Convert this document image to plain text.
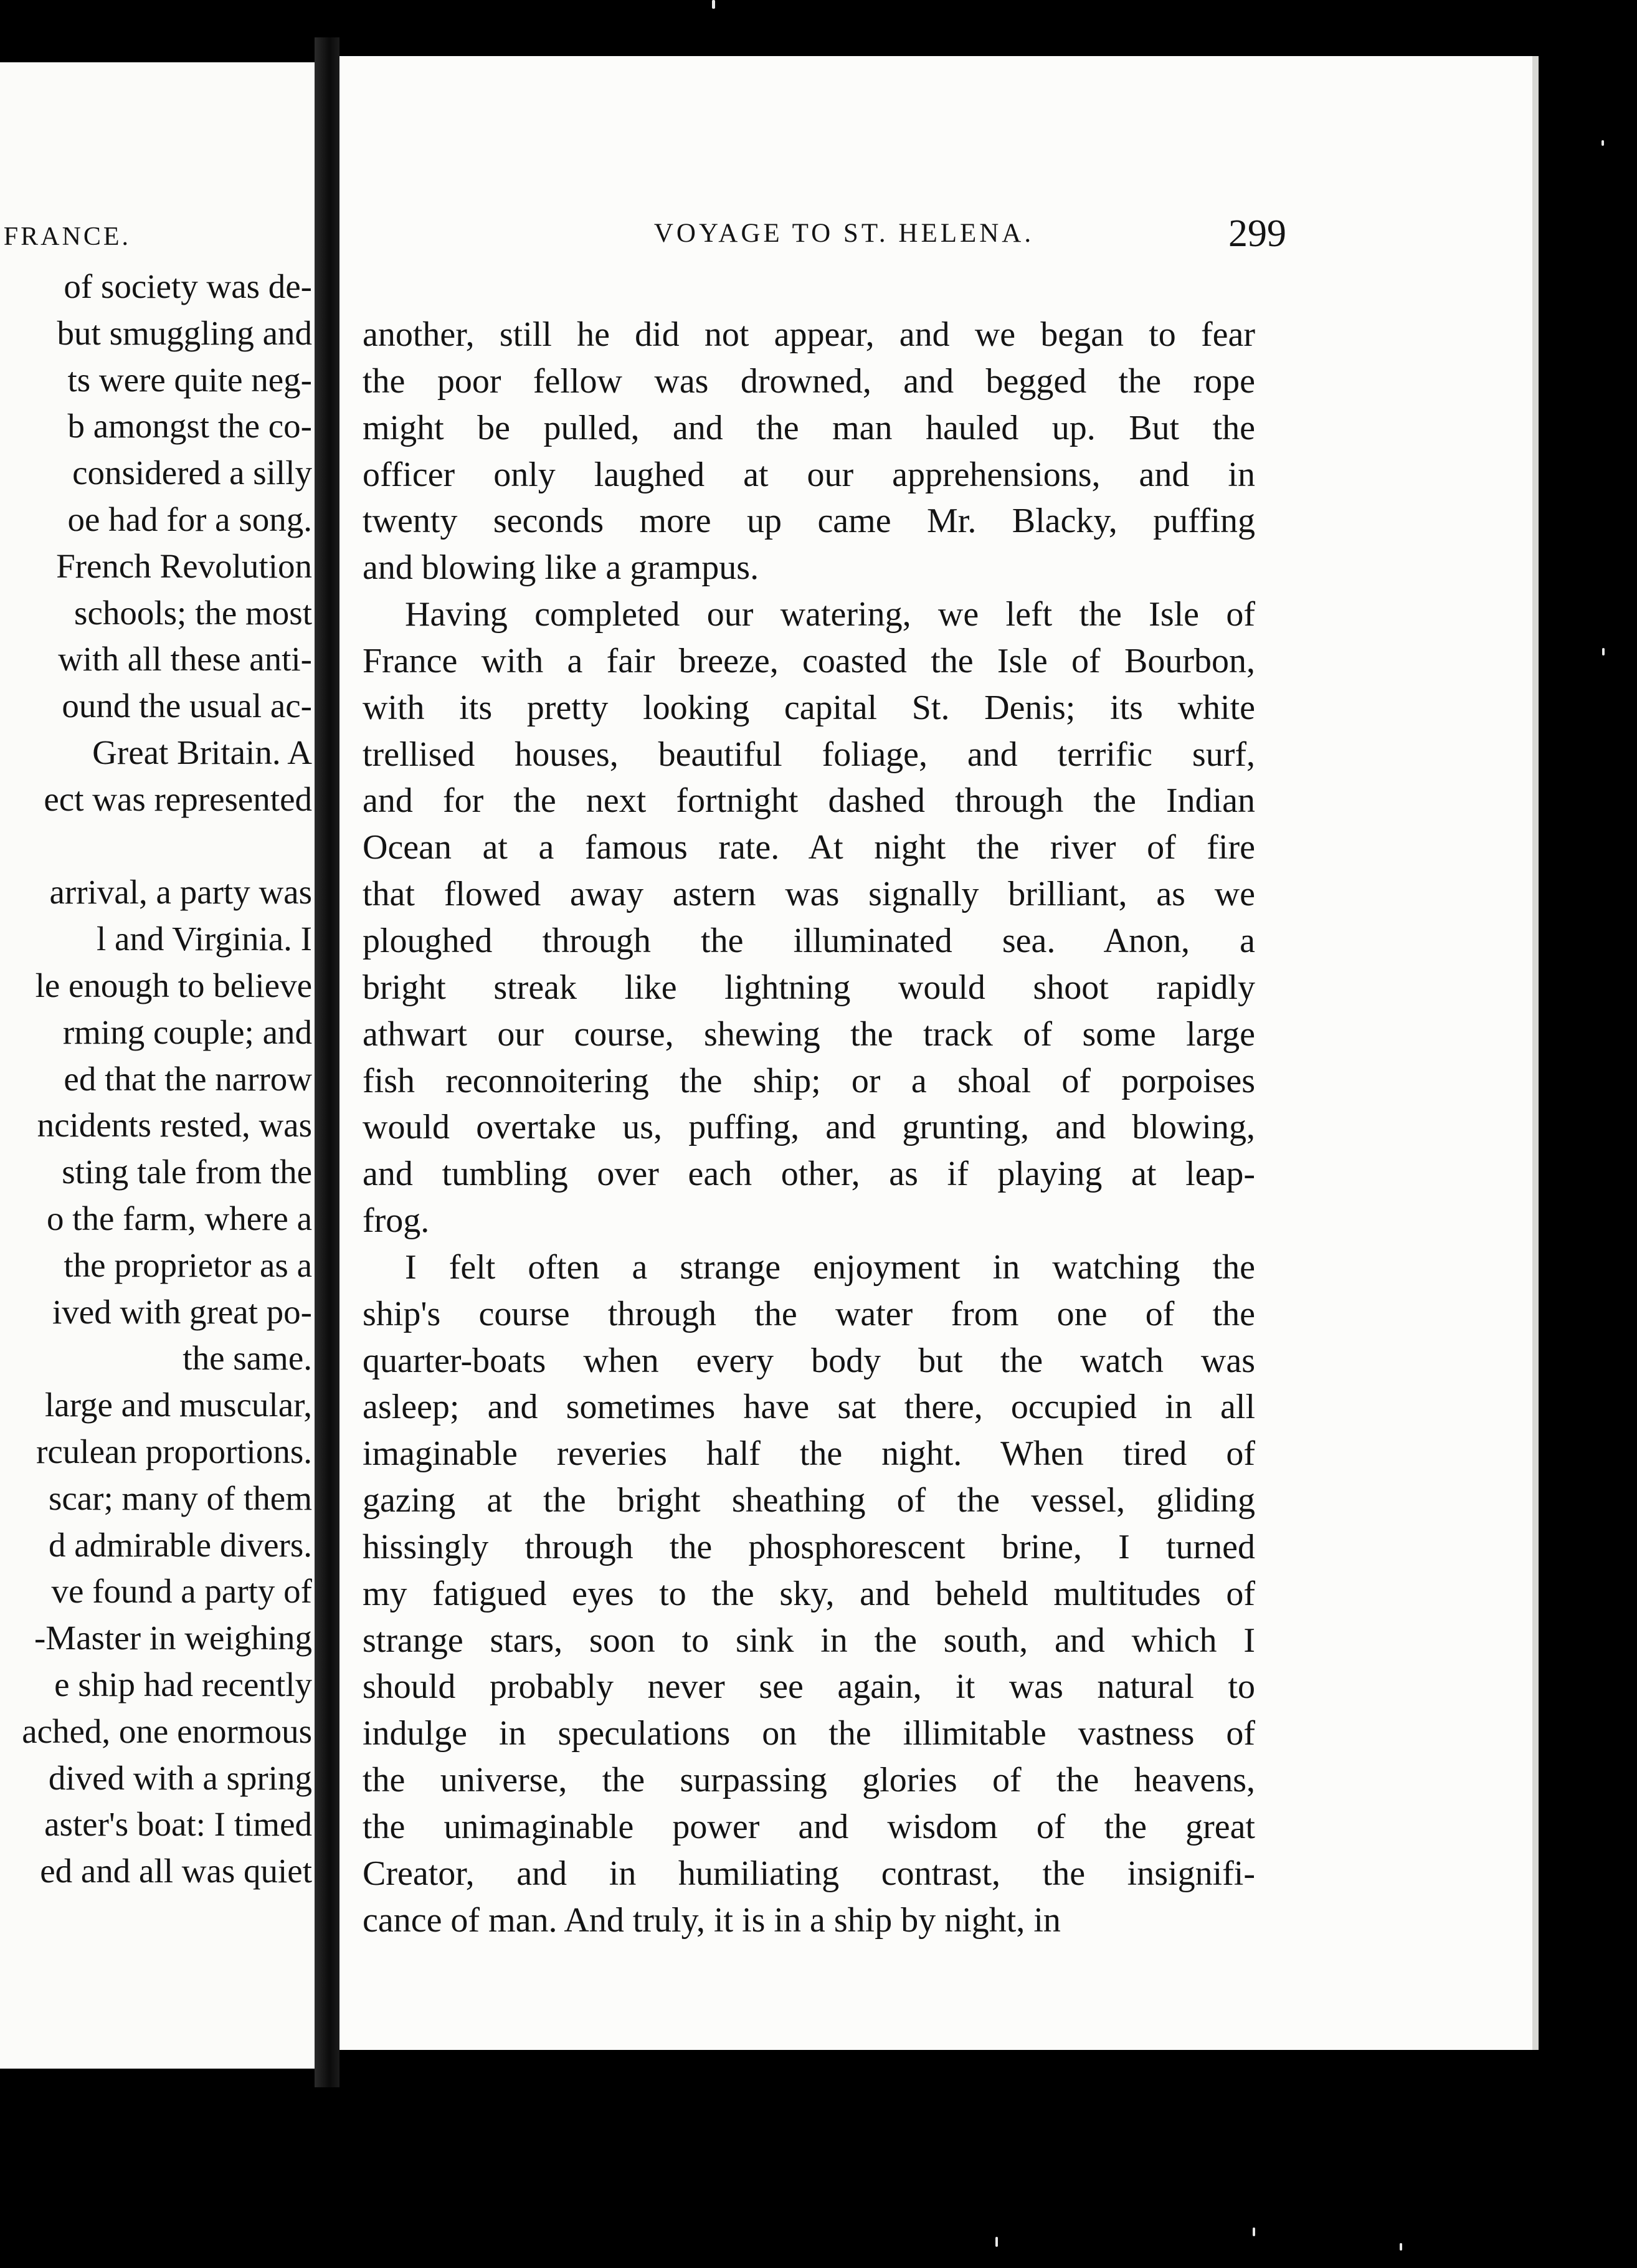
FRANCE.
of society was de-
but smuggling and
ts were quite neg-
b amongst the co-
considered a silly
oe had for a song.
French Revolution
schools; the most
with all these anti-
ound the usual ac-
Great Britain. A
ect was represented
arrival, a party was
l and Virginia. I
le enough to believe
rming couple; and
ed that the narrow
ncidents rested, was
sting tale from the
o the farm, where a
the proprietor as a
ived with great po-
the same.
large and muscular,
rculean proportions.
scar; many of them
d admirable divers.
ve found a party of
-Master in weighing
e ship had recently
ached, one enormous
dived with a spring
aster's boat: I timed
ed and all was quiet
VOYAGE TO ST. HELENA.	299
another, still he did not appear, and we began to fear
the poor fellow was drowned, and begged the rope
might be pulled, and the man hauled up. But the
officer only laughed at our apprehensions, and in
twenty seconds more up came Mr. Blacky, puffing
and blowing like a grampus.
Having completed our watering, we left the Isle of
France with a fair breeze, coasted the Isle of Bourbon,
with its pretty looking capital St. Denis; its white
trellised houses, beautiful foliage, and terrific surf,
and for the next fortnight dashed through the Indian
Ocean at a famous rate. At night the river of fire
that flowed away astern was signally brilliant, as we
ploughed through the illuminated sea. Anon, a
bright streak like lightning would shoot rapidly
athwart our course, shewing the track of some large
fish reconnoitering the ship; or a shoal of porpoises
would overtake us, puffing, and grunting, and blowing,
and tumbling over each other, as if playing at leap-
frog.
I felt often a strange enjoyment in watching the
ship's course through the water from one of the
quarter-boats when every body but the watch was
asleep; and sometimes have sat there, occupied in all
imaginable reveries half the night. When tired of
gazing at the bright sheathing of the vessel, gliding
hissingly through the phosphorescent brine, I turned
my fatigued eyes to the sky, and beheld multitudes of
strange stars, soon to sink in the south, and which I
should probably never see again, it was natural to
indulge in speculations on the illimitable vastness of
the universe, the surpassing glories of the heavens,
the unimaginable power and wisdom of the great
Creator, and in humiliating contrast, the insignifi-
cance of man. And truly, it is in a ship by night, in
